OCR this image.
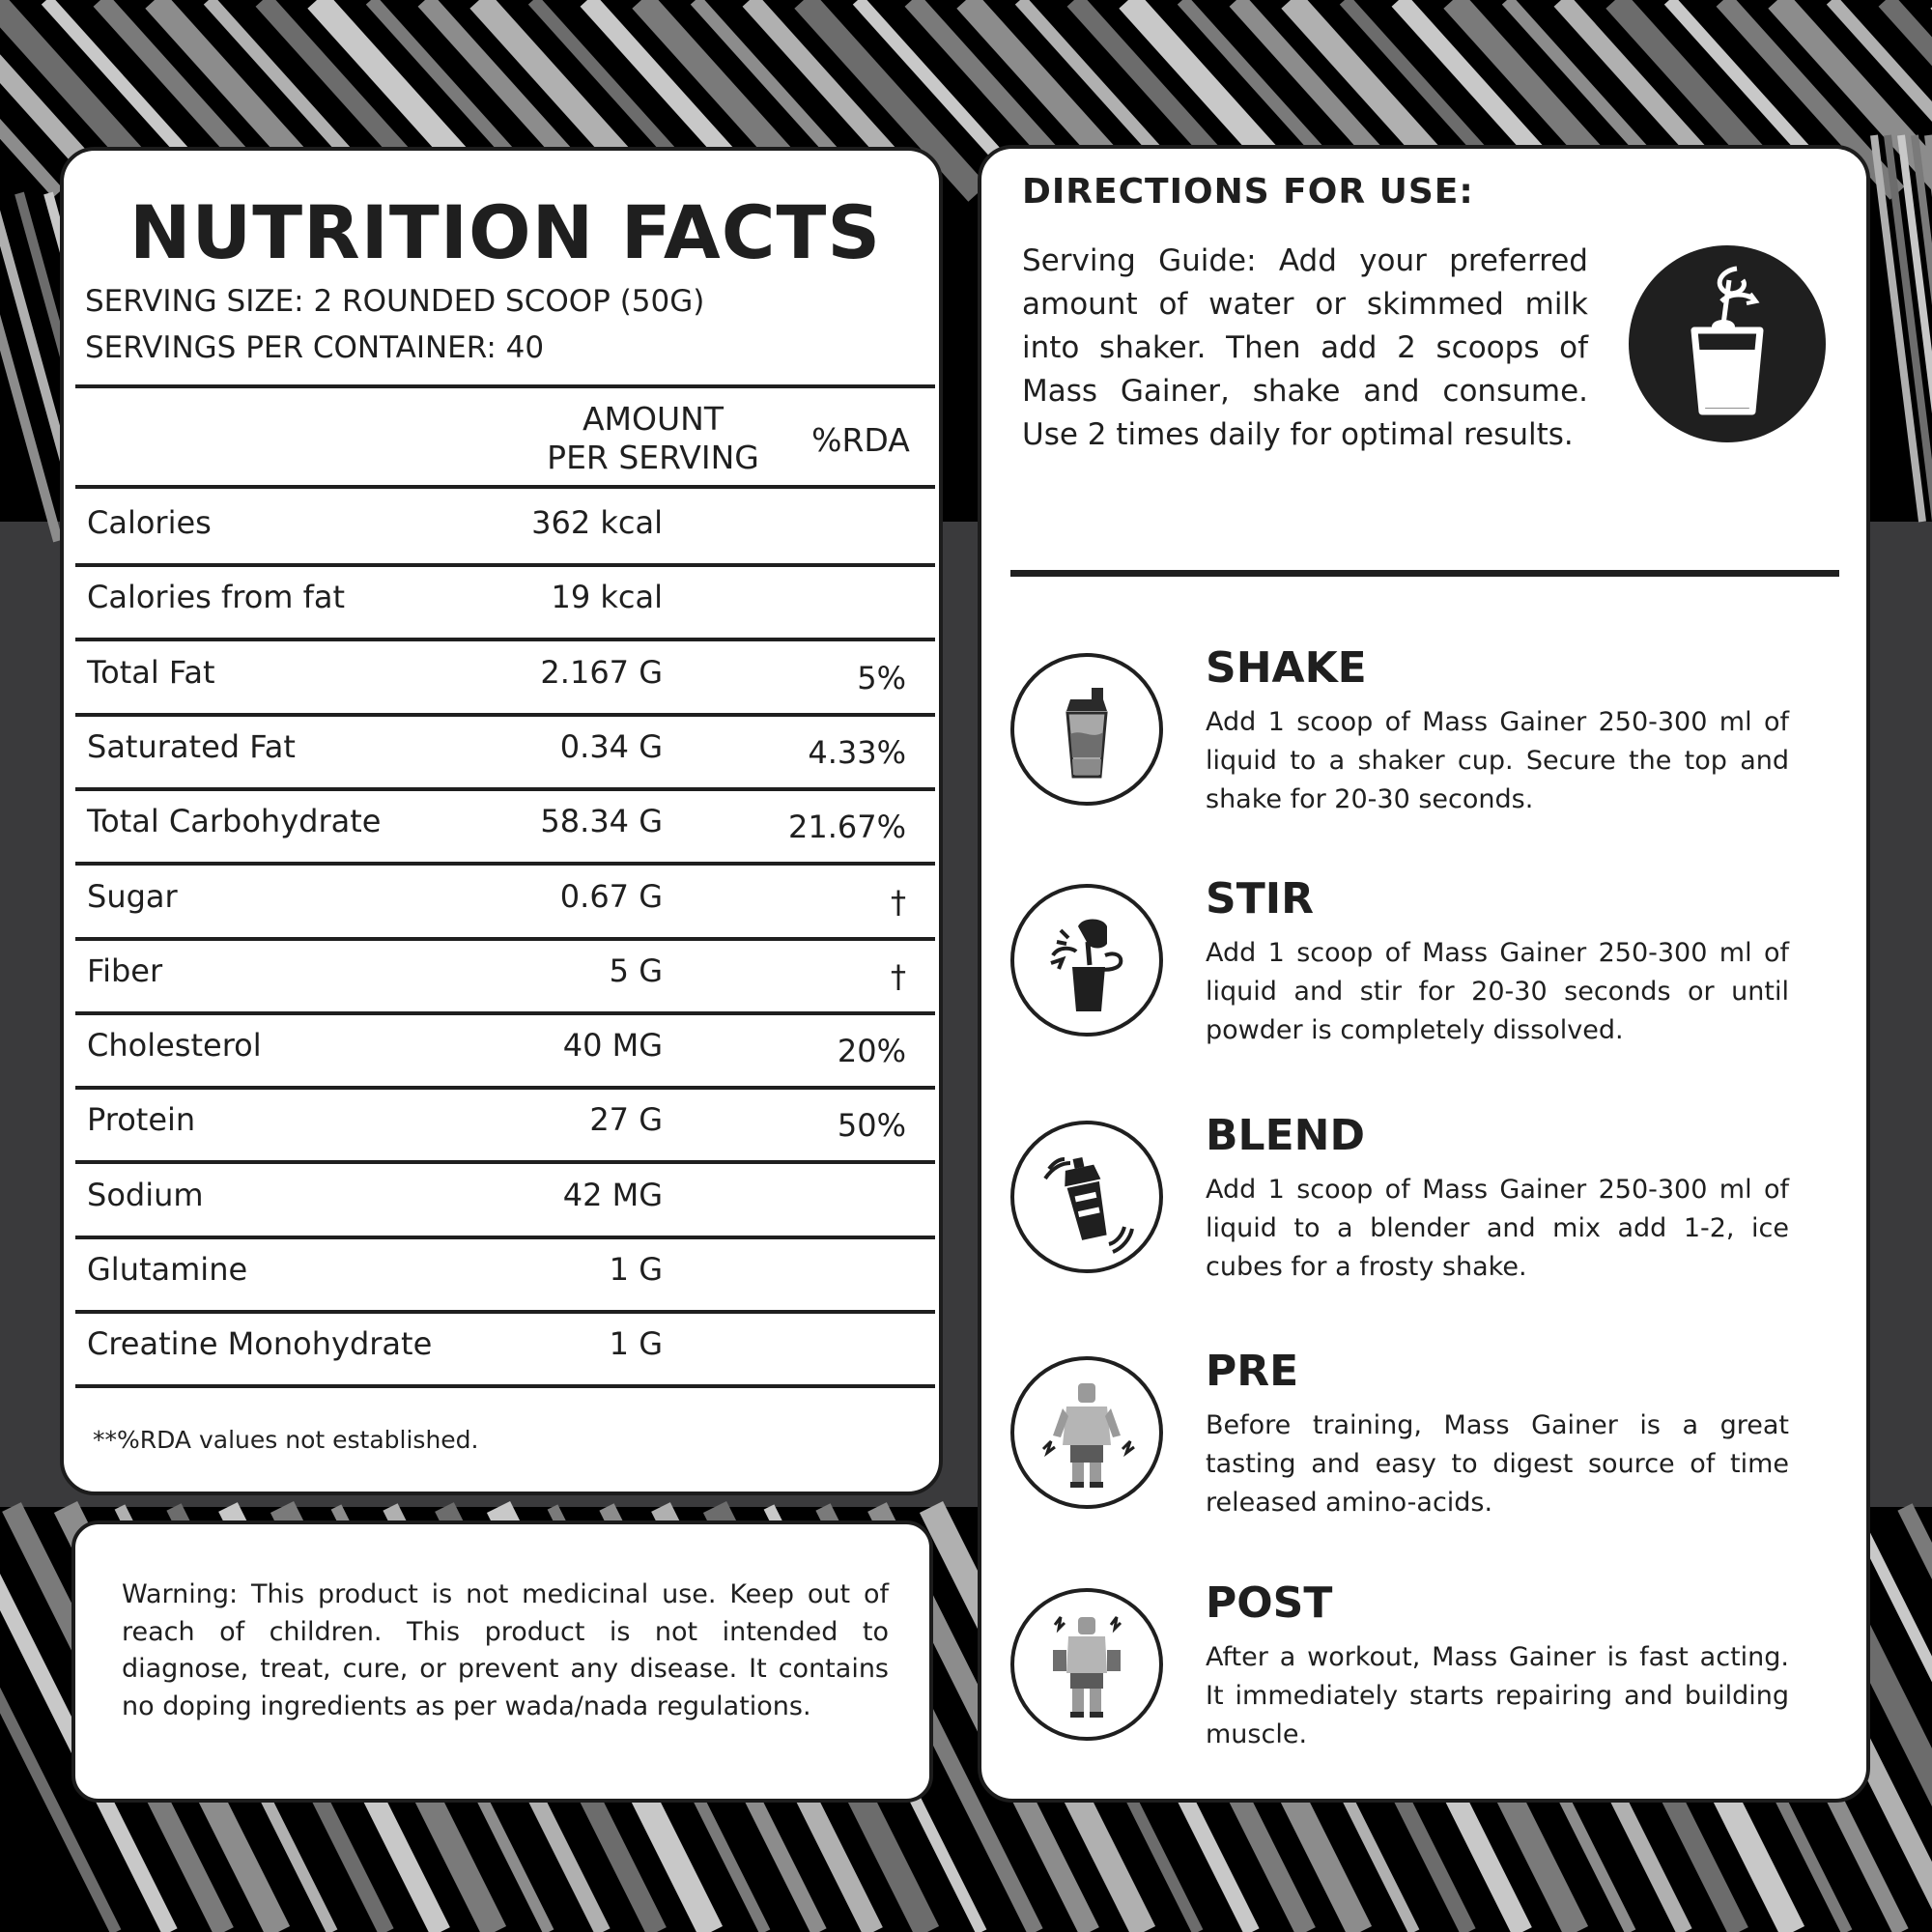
NUTRITION FACTS
SERVING SIZE: 2 ROUNDED SCOOP (50G)
SERVINGS PER CONTAINER: 40
AMOUNT
PER SERVING	%RDA
Calories	362 kcal
Calories from fat	19 kcal
Total Fat	2.167 G	5%
Saturated Fat	0.34 G	4.33%
Total Carbohydrate	58.34 G	21.67%
Sugar	0.67 G	†
Fiber	5 G	†
Cholesterol	40 MG	20%
Protein	27 G	50%
Sodium	42 MG
Glutamine	1 G
Creatine Monohydrate	1 G
**%RDA values not established.
Warning: This product is not medicinal use. Keep out of reach of children. This product is not intended to diagnose, treat, cure, or prevent any disease. It contains no doping ingredients as per wada/nada regulations.
DIRECTIONS FOR USE:
Serving Guide: Add your preferred amount of water or skimmed milk into shaker. Then add 2 scoops of Mass Gainer, shake and consume. Use 2 times daily for optimal results.
SHAKE
Add 1 scoop of Mass Gainer 250-300 ml of liquid to a shaker cup. Secure the top and shake for 20-30 seconds.
STIR
Add 1 scoop of Mass Gainer 250-300 ml of liquid and stir for 20-30 seconds or until powder is completely dissolved.
BLEND
Add 1 scoop of Mass Gainer 250-300 ml of liquid to a blender and mix add 1-2, ice cubes for a frosty shake.
PRE
Before training, Mass Gainer is a great tasting and easy to digest source of time released amino-acids.
POST
After a workout, Mass Gainer is fast acting. It immediately starts repairing and building muscle.
